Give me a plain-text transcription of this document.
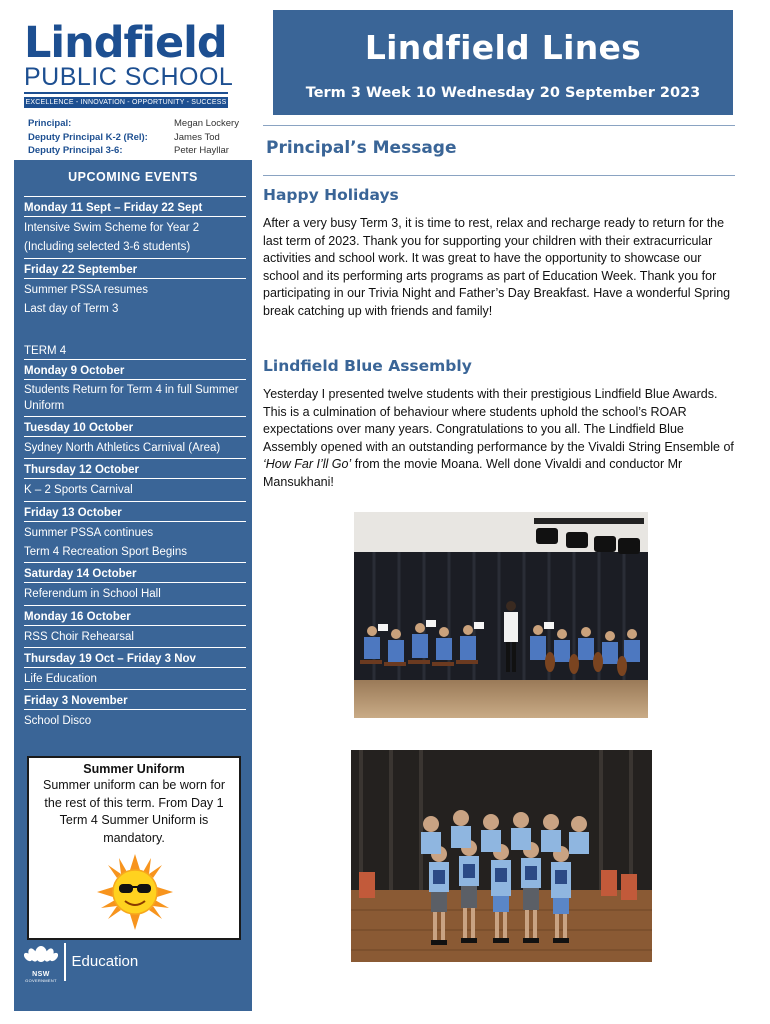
Lindfield
PUBLIC SCHOOL
EXCELLENCE - INNOVATION - OPPORTUNITY - SUCCESS
Principal:	Megan Lockery
Deputy Principal K-2 (Rel):	James Tod
Deputy Principal 3-6:	Peter Hayllar
UPCOMING EVENTS
Monday 11 Sept – Friday 22 Sept
Intensive Swim Scheme for Year 2
(Including selected 3-6 students)
Friday 22 September
Summer PSSA resumes
Last day of Term 3
TERM 4
Monday 9 October
Students Return for Term 4 in full Summer Uniform
Tuesday 10 October
Sydney North Athletics Carnival (Area)
Thursday 12 October
K – 2 Sports Carnival
Friday 13 October
Summer PSSA continues
Term 4 Recreation Sport Begins
Saturday 14 October
Referendum in School Hall
Monday 16 October
RSS Choir Rehearsal
Thursday 19 Oct – Friday 3 Nov
Life Education
Friday 3 November
School Disco
Summer Uniform
Summer uniform can be worn for the rest of this term. From Day 1 Term 4 Summer Uniform is mandatory.
NSW
GOVERNMENT
Education
Lindfield Lines
Term 3 Week 10 Wednesday 20 September 2023
Principal’s Message
Happy Holidays
After a very busy Term 3, it is time to rest, relax and recharge ready to return for the last term of 2023. Thank you for supporting your children with their extracurricular activities and school work. It was great to have the opportunity to showcase our school and its performing arts programs as part of Education Week. Thank you for participating in our Trivia Night and Father’s Day Breakfast. Have a wonderful Spring break catching up with friends and family!
Lindfield Blue Assembly
Yesterday I presented twelve students with their prestigious Lindfield Blue Awards. This is a culmination of behaviour where students uphold the school’s ROAR expectations over many years. Congratulations to you all. The Lindfield Blue Assembly opened with an outstanding performance by the Vivaldi String Ensemble of ‘How Far I’ll Go’ from the movie Moana. Well done Vivaldi and conductor Mr Mansukhani!
